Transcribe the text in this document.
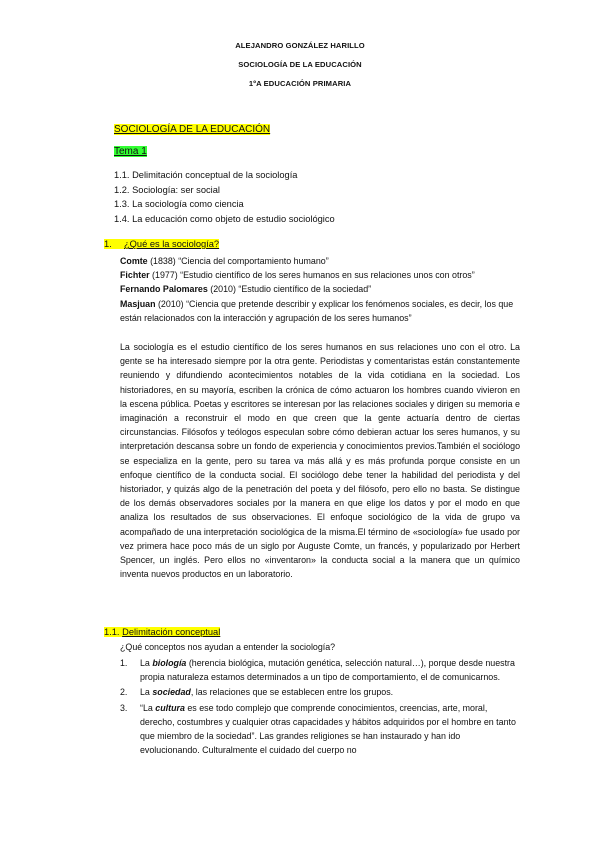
ALEJANDRO GONZÁLEZ HARILLO
SOCIOLOGÍA DE LA EDUCACIÓN
1ºA EDUCACIÓN PRIMARIA
SOCIOLOGÍA DE LA EDUCACIÓN
Tema 1
1.1. Delimitación conceptual de la sociología
1.2. Sociología: ser social
1.3. La sociología como ciencia
1.4. La educación como objeto de estudio sociológico
1. ¿Qué es la sociología?

Comte (1838) “Ciencia del comportamiento humano”

Fichter (1977) “Estudio científico de los seres humanos en sus relaciones unos con otros”

Fernando Palomares (2010) “Estudio científico de la sociedad”

Masjuan (2010) “Ciencia que pretende describir y explicar los fenómenos sociales, es decir, los que están relacionados con la interacción y agrupación de los seres humanos”

La sociología es el estudio científico de los seres humanos en sus relaciones uno con el otro. La gente se ha interesado siempre por la otra gente. Periodistas y comentaristas están constantemente reuniendo y difundiendo acontecimientos notables de la vida cotidiana en la sociedad. Los historiadores, en su mayoría, escriben la crónica de cómo actuaron los hombres cuando vivieron en la escena pública. Poetas y escritores se interesan por las relaciones sociales y dirigen su memoria e imaginación a reconstruir el modo en que creen que la gente actuaría dentro de ciertas circunstancias. Filósofos y teólogos especulan sobre cómo debieran actuar los seres humanos, y su interpretación descansa sobre un fondo de experiencia y conocimientos previos.También el sociólogo se especializa en la gente, pero su tarea va más allá y es más profunda porque consiste en un enfoque científico de la conducta social. El sociólogo debe tener la habilidad del periodista y del historiador, y quizás algo de la penetración del poeta y del filósofo, pero ello no basta. Se distingue de los demás observadores sociales por la manera en que elige los datos y por el modo en que analiza los resultados de sus observaciones. El enfoque sociológico de la vida de grupo va acompañado de una interpretación sociológica de la misma.El término de «sociología» fue usado por vez primera hace poco más de un siglo por Auguste Comte, un francés, y popularizado por Herbert Spencer, un inglés. Pero ellos no «inventaron» la conducta social a la manera que un químico inventa nuevos productos en un laboratorio.
1.1. Delimitación conceptual
¿Qué conceptos nos ayudan a entender la sociología?
1. La biología (herencia biológica, mutación genética, selección natural…), porque desde nuestra propia naturaleza estamos determinados a un tipo de comportamiento, el de comunicarnos.

2. La sociedad, las relaciones que se establecen entre los grupos.

3. “La cultura es ese todo complejo que comprende conocimientos, creencias, arte, moral, derecho, costumbres y cualquier otras capacidades y hábitos adquiridos por el hombre en tanto que miembro de la sociedad”. Las grandes religiones se han instaurado y han ido evolucionando. Culturalmente el cuidado del cuerpo no
